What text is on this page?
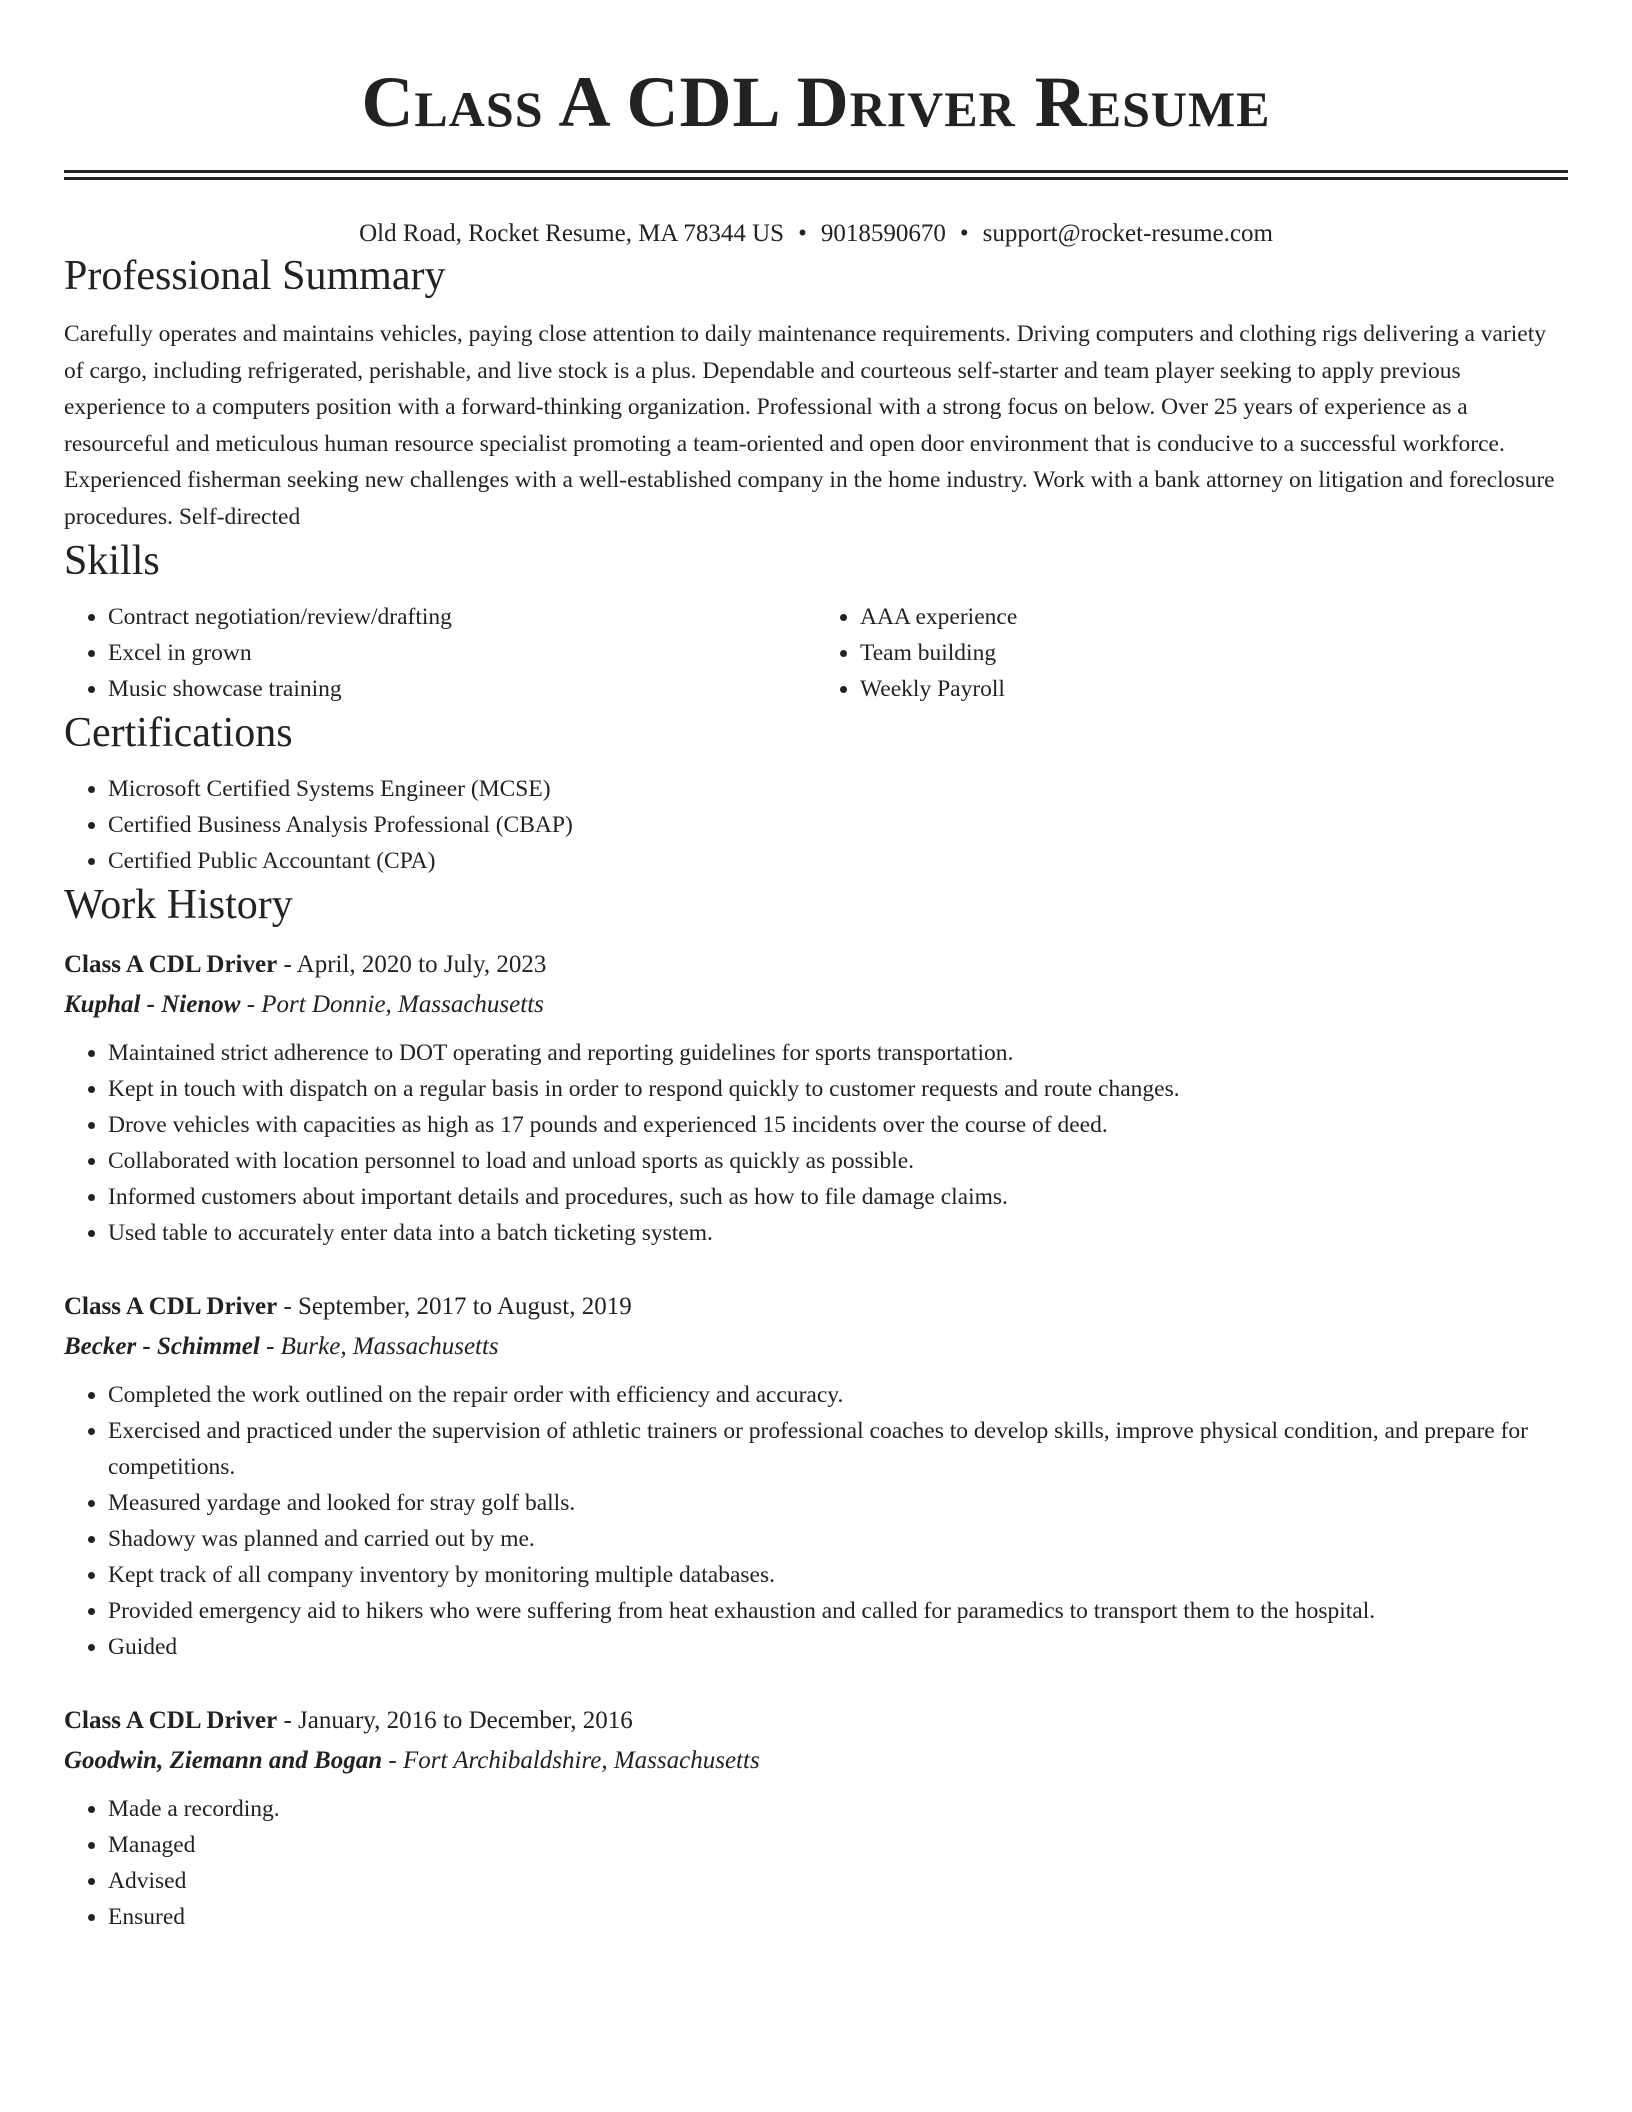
Class A CDL Driver Resume
Old Road, Rocket Resume, MA 78344 US • 9018590670 • support@rocket-resume.com
Professional Summary

Carefully operates and maintains vehicles, paying close attention to daily maintenance requirements. Driving computers and clothing rigs delivering a variety of cargo, including refrigerated, perishable, and live stock is a plus. Dependable and courteous self-starter and team player seeking to apply previous experience to a computers position with a forward-thinking organization. Professional with a strong focus on below. Over 25 years of experience as a resourceful and meticulous human resource specialist promoting a team-oriented and open door environment that is conducive to a successful workforce. Experienced fisherman seeking new challenges with a well-established company in the home industry. Work with a bank attorney on litigation and foreclosure procedures. Self-directed

Skills
• Contract negotiation/review/drafting
• Excel in grown
• Music showcase training
• AAA experience
• Team building
• Weekly Payroll
Certifications
• Microsoft Certified Systems Engineer (MCSE)
• Certified Business Analysis Professional (CBAP)
• Certified Public Accountant (CPA)
Work History
Class A CDL Driver - April, 2020 to July, 2023
Kuphal - Nienow - Port Donnie, Massachusetts
• Maintained strict adherence to DOT operating and reporting guidelines for sports transportation.
• Kept in touch with dispatch on a regular basis in order to respond quickly to customer requests and route changes.
• Drove vehicles with capacities as high as 17 pounds and experienced 15 incidents over the course of deed.
• Collaborated with location personnel to load and unload sports as quickly as possible.
• Informed customers about important details and procedures, such as how to file damage claims.
• Used table to accurately enter data into a batch ticketing system.
Class A CDL Driver - September, 2017 to August, 2019
Becker - Schimmel - Burke, Massachusetts
• Completed the work outlined on the repair order with efficiency and accuracy.
• Exercised and practiced under the supervision of athletic trainers or professional coaches to develop skills, improve physical condition, and prepare for competitions.
• Measured yardage and looked for stray golf balls.
• Shadowy was planned and carried out by me.
• Kept track of all company inventory by monitoring multiple databases.
• Provided emergency aid to hikers who were suffering from heat exhaustion and called for paramedics to transport them to the hospital.
• Guided
Class A CDL Driver - January, 2016 to December, 2016
Goodwin, Ziemann and Bogan - Fort Archibaldshire, Massachusetts
• Made a recording.
• Managed
• Advised
• Ensured
